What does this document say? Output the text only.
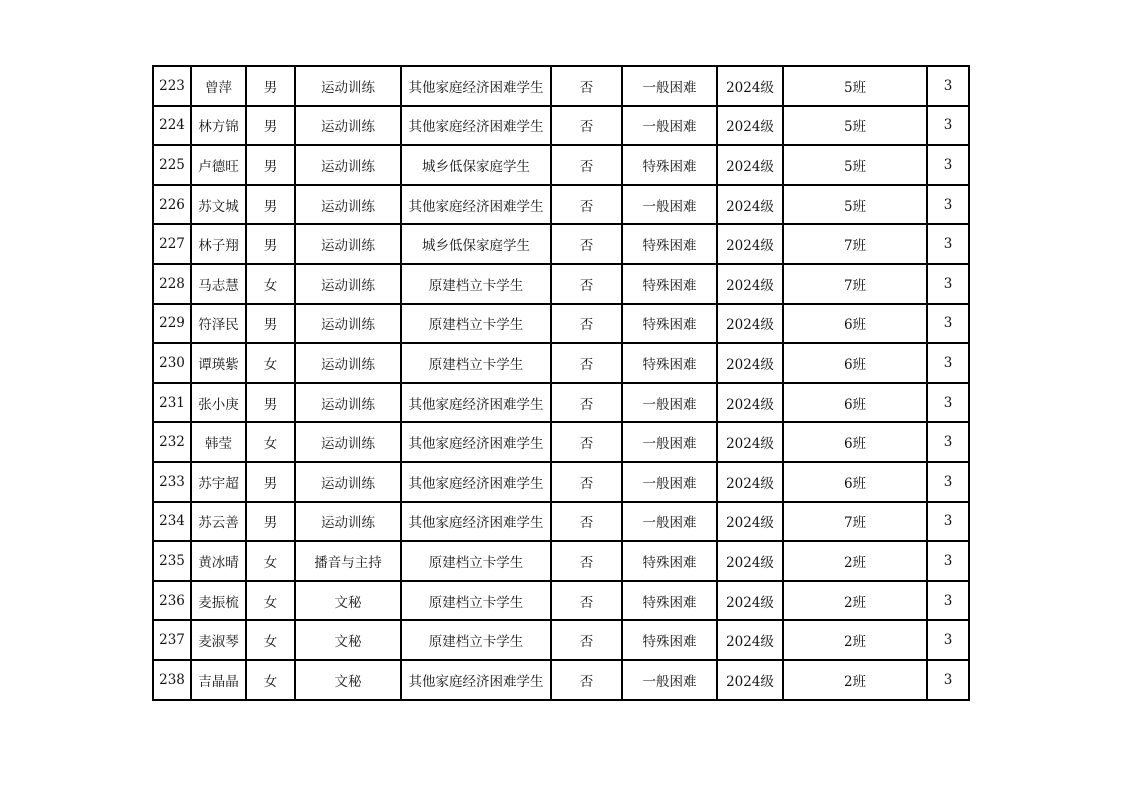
223	曾萍	男	运动训练	其他家庭经济困难学生	否	一般困难	2024级	5班	3
224	林方锦	男	运动训练	其他家庭经济困难学生	否	一般困难	2024级	5班	3
225	卢德旺	男	运动训练	城乡低保家庭学生	否	特殊困难	2024级	5班	3
226	苏文城	男	运动训练	其他家庭经济困难学生	否	一般困难	2024级	5班	3
227	林子翔	男	运动训练	城乡低保家庭学生	否	特殊困难	2024级	7班	3
228	马志慧	女	运动训练	原建档立卡学生	否	特殊困难	2024级	7班	3
229	符泽民	男	运动训练	原建档立卡学生	否	特殊困难	2024级	6班	3
230	谭瑛紫	女	运动训练	原建档立卡学生	否	特殊困难	2024级	6班	3
231	张小庚	男	运动训练	其他家庭经济困难学生	否	一般困难	2024级	6班	3
232	韩莹	女	运动训练	其他家庭经济困难学生	否	一般困难	2024级	6班	3
233	苏宇超	男	运动训练	其他家庭经济困难学生	否	一般困难	2024级	6班	3
234	苏云善	男	运动训练	其他家庭经济困难学生	否	一般困难	2024级	7班	3
235	黄冰晴	女	播音与主持	原建档立卡学生	否	特殊困难	2024级	2班	3
236	麦振梳	女	文秘	原建档立卡学生	否	特殊困难	2024级	2班	3
237	麦淑琴	女	文秘	原建档立卡学生	否	特殊困难	2024级	2班	3
238	吉晶晶	女	文秘	其他家庭经济困难学生	否	一般困难	2024级	2班	3
